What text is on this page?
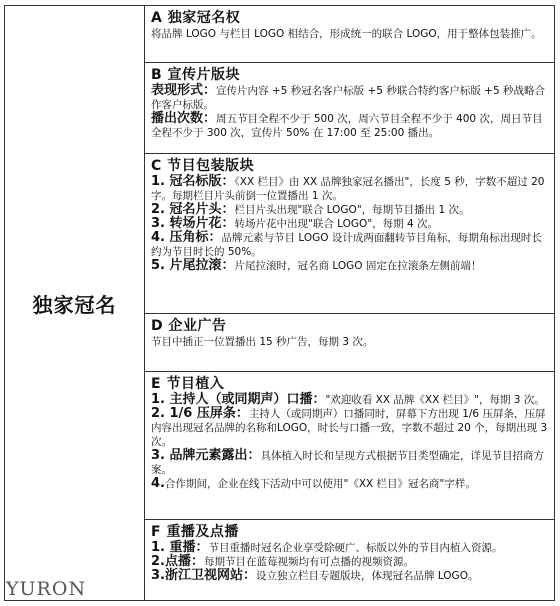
独家冠名
A 独家冠名权
将品牌 LOGO 与栏目 LOGO 相结合，形成统一的联合 LOGO，用于整体包装推广。
B 宣传片版块
表现形式：宣传片内容 +5 秒冠名客户标版 +5 秒联合特约客户标版 +5 秒战略合作客户标版。
播出次数：周五节目全程不少于 500 次，周六节目全程不少于 400 次，周日节目全程不少于 300 次，宣传片 50% 在 17:00 至 25:00 播出。
C 节目包装版块
1. 冠名标版：《XX 栏目》由 XX 品牌独家冠名播出"，长度 5 秒，字数不超过 20 字。每期栏目片头前倒一位置播出 1 次。
2. 冠名片头：栏目片头出现"联合 LOGO"，每期节目播出 1 次。
3. 转场片花：转场片花中出现"联合 LOGO"，每期 4 次。
4. 压角标：品牌元素与节目 LOGO 设计成两面翻转节目角标，每期角标出现时长约为节目时长的 50%。
5. 片尾拉滚：片尾拉滚时，冠名商 LOGO 固定在拉滚条左侧前端！
D 企业广告
节目中插正一位置播出 15 秒广告，每期 3 次。
E 节目植入
1. 主持人（或同期声）口播："欢迎收看 XX 品牌《XX 栏目》"，每期 3 次。
2. 1/6 压屏条：主持人（或同期声）口播同时，屏幕下方出现 1/6 压屏条，压屏内容出现冠名品牌的名称和LOGO，时长与口播一致，字数不超过 20 个，每期出现 3 次。
3. 品牌元素露出：具体植入时长和呈现方式根据节目类型确定，详见节目招商方案。
4.合作期间，企业在线下活动中可以使用"《XX 栏目》冠名商"字样。
F 重播及点播
1. 重播：节目重播时冠名企业享受除硬广、标版以外的节目内植入资源。
2.点播：每期节目在蓝莓视频均有可点播的视频资源。
3.浙江卫视网站：设立独立栏目专题版块，体现冠名品牌 LOGO。
YURON
